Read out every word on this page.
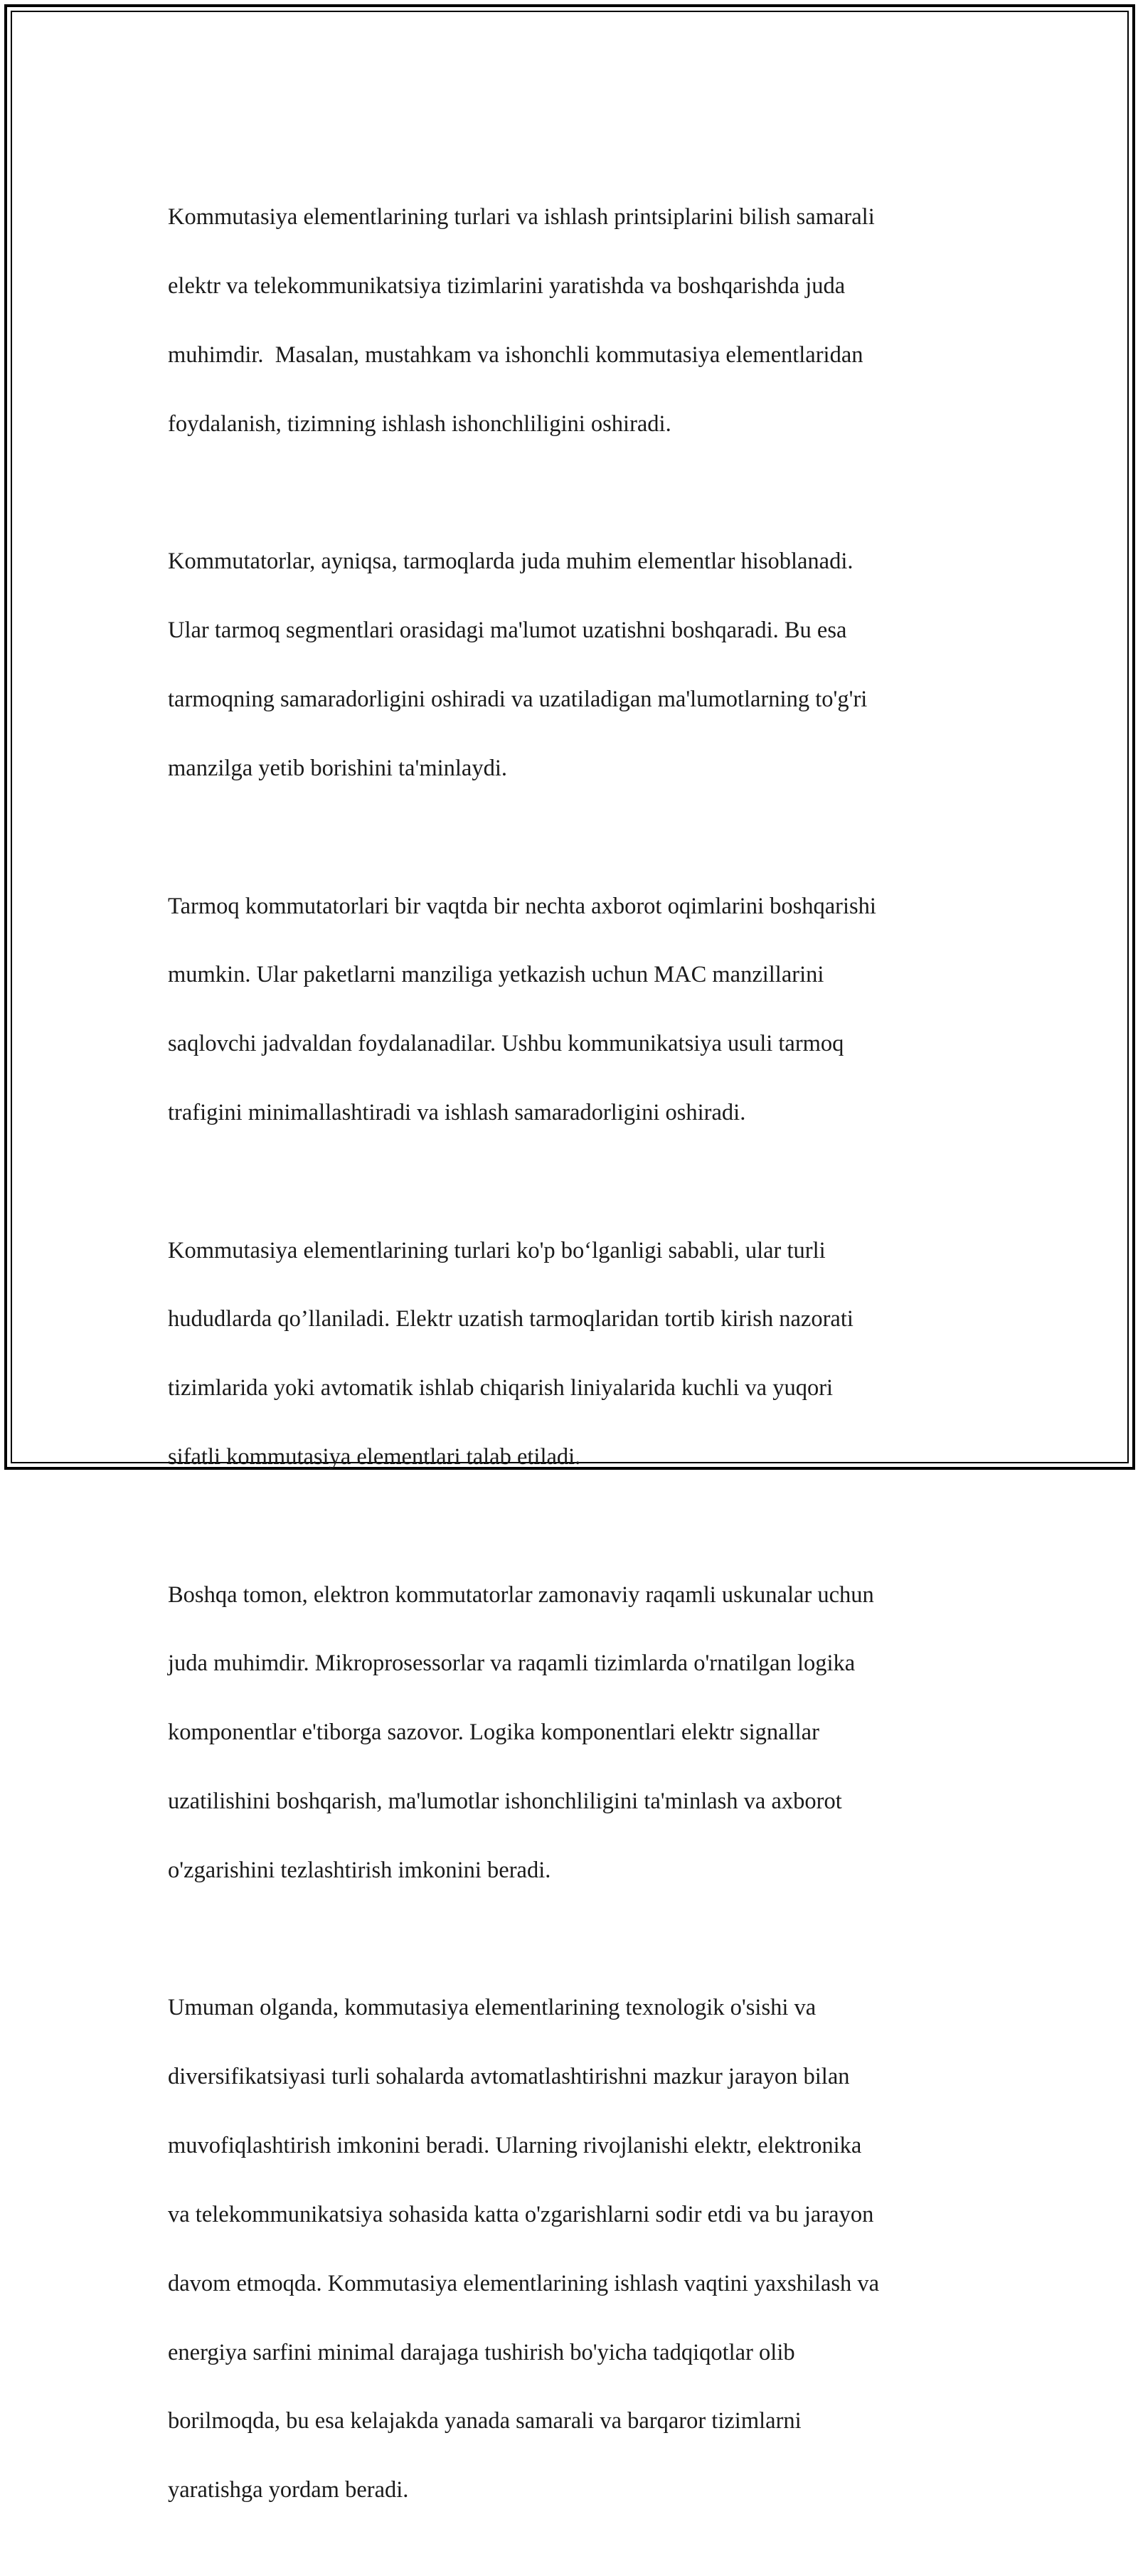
Kommutasiya elementlarining turlari va ishlash printsiplarini bilish samarali

elektr va telekommunikatsiya tizimlarini yaratishda va boshqarishda juda

muhimdir.  Masalan, mustahkam va ishonchli kommutasiya elementlaridan

foydalanish, tizimning ishlash ishonchliligini oshiradi.

Kommutatorlar, ayniqsa, tarmoqlarda juda muhim elementlar hisoblanadi.

Ular tarmoq segmentlari orasidagi ma'lumot uzatishni boshqaradi. Bu esa

tarmoqning samaradorligini oshiradi va uzatiladigan ma'lumotlarning to'g'ri

manzilga yetib borishini ta'minlaydi.

Tarmoq kommutatorlari bir vaqtda bir nechta axborot oqimlarini boshqarishi

mumkin. Ular paketlarni manziliga yetkazish uchun MAC manzillarini

saqlovchi jadvaldan foydalanadilar. Ushbu kommunikatsiya usuli tarmoq

trafigini minimallashtiradi va ishlash samaradorligini oshiradi.

Kommutasiya elementlarining turlari ko'p bo‘lganligi sababli, ular turli

hududlarda qo’llaniladi. Elektr uzatish tarmoqlaridan tortib kirish nazorati

tizimlarida yoki avtomatik ishlab chiqarish liniyalarida kuchli va yuqori

sifatli kommutasiya elementlari talab etiladi.

Boshqa tomon, elektron kommutatorlar zamonaviy raqamli uskunalar uchun

juda muhimdir. Mikroprosessorlar va raqamli tizimlarda o'rnatilgan logika

komponentlar e'tiborga sazovor. Logika komponentlari elektr signallar

uzatilishini boshqarish, ma'lumotlar ishonchliligini ta'minlash va axborot

o'zgarishini tezlashtirish imkonini beradi.

Umuman olganda, kommutasiya elementlarining texnologik o'sishi va

diversifikatsiyasi turli sohalarda avtomatlashtirishni mazkur jarayon bilan

muvofiqlashtirish imkonini beradi. Ularning rivojlanishi elektr, elektronika

va telekommunikatsiya sohasida katta o'zgarishlarni sodir etdi va bu jarayon

davom etmoqda. Kommutasiya elementlarining ishlash vaqtini yaxshilash va

energiya sarfini minimal darajaga tushirish bo'yicha tadqiqotlar olib

borilmoqda, bu esa kelajakda yanada samarali va barqaror tizimlarni

yaratishga yordam beradi.
